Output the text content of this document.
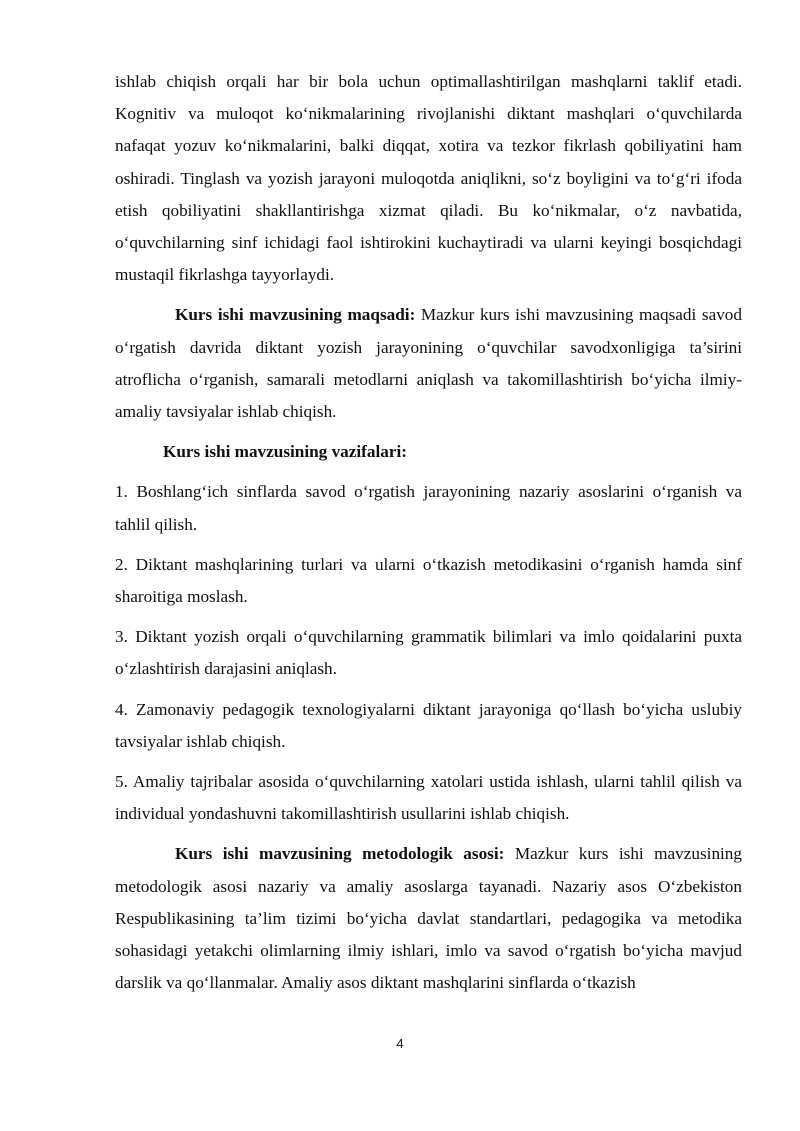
ishlab chiqish orqali har bir bola uchun optimallashtirilgan mashqlarni taklif etadi. Kognitiv va muloqot ko‘nikmalarining rivojlanishi diktant mashqlari o‘quvchilarda nafaqat yozuv ko‘nikmalarini, balki diqqat, xotira va tezkor fikrlash qobiliyatini ham oshiradi. Tinglash va yozish jarayoni muloqotda aniqlikni, so‘z boyligini va to‘g‘ri ifoda etish qobiliyatini shakllantirishga xizmat qiladi. Bu ko‘nikmalar, o‘z navbatida, o‘quvchilarning sinf ichidagi faol ishtirokini kuchaytiradi va ularni keyingi bosqichdagi mustaqil fikrlashga tayyorlaydi.

Kurs ishi mavzusining maqsadi: Mazkur kurs ishi mavzusining maqsadi savod o‘rgatish davrida diktant yozish jarayonining o‘quvchilar savodxonligiga ta’sirini atroflicha o‘rganish, samarali metodlarni aniqlash va takomillashtirish bo‘yicha ilmiy-amaliy tavsiyalar ishlab chiqish.

Kurs ishi mavzusining vazifalari:

1. Boshlang‘ich sinflarda savod o‘rgatish jarayonining nazariy asoslarini o‘rganish va tahlil qilish.

2. Diktant mashqlarining turlari va ularni o‘tkazish metodikasini o‘rganish hamda sinf sharoitiga moslash.

3. Diktant yozish orqali o‘quvchilarning grammatik bilimlari va imlo qoidalarini puxta o‘zlashtirish darajasini aniqlash.

4. Zamonaviy pedagogik texnologiyalarni diktant jarayoniga qo‘llash bo‘yicha uslubiy tavsiyalar ishlab chiqish.

5. Amaliy tajribalar asosida o‘quvchilarning xatolari ustida ishlash, ularni tahlil qilish va individual yondashuvni takomillashtirish usullarini ishlab chiqish.

Kurs ishi mavzusining metodologik asosi: Mazkur kurs ishi mavzusining metodologik asosi nazariy va amaliy asoslarga tayanadi. Nazariy asos O‘zbekiston Respublikasining ta’lim tizimi bo‘yicha davlat standartlari, pedagogika va metodika sohasidagi yetakchi olimlarning ilmiy ishlari, imlo va savod o‘rgatish bo‘yicha mavjud darslik va qo‘llanmalar. Amaliy asos diktant mashqlarini sinflarda o‘tkazish

4
